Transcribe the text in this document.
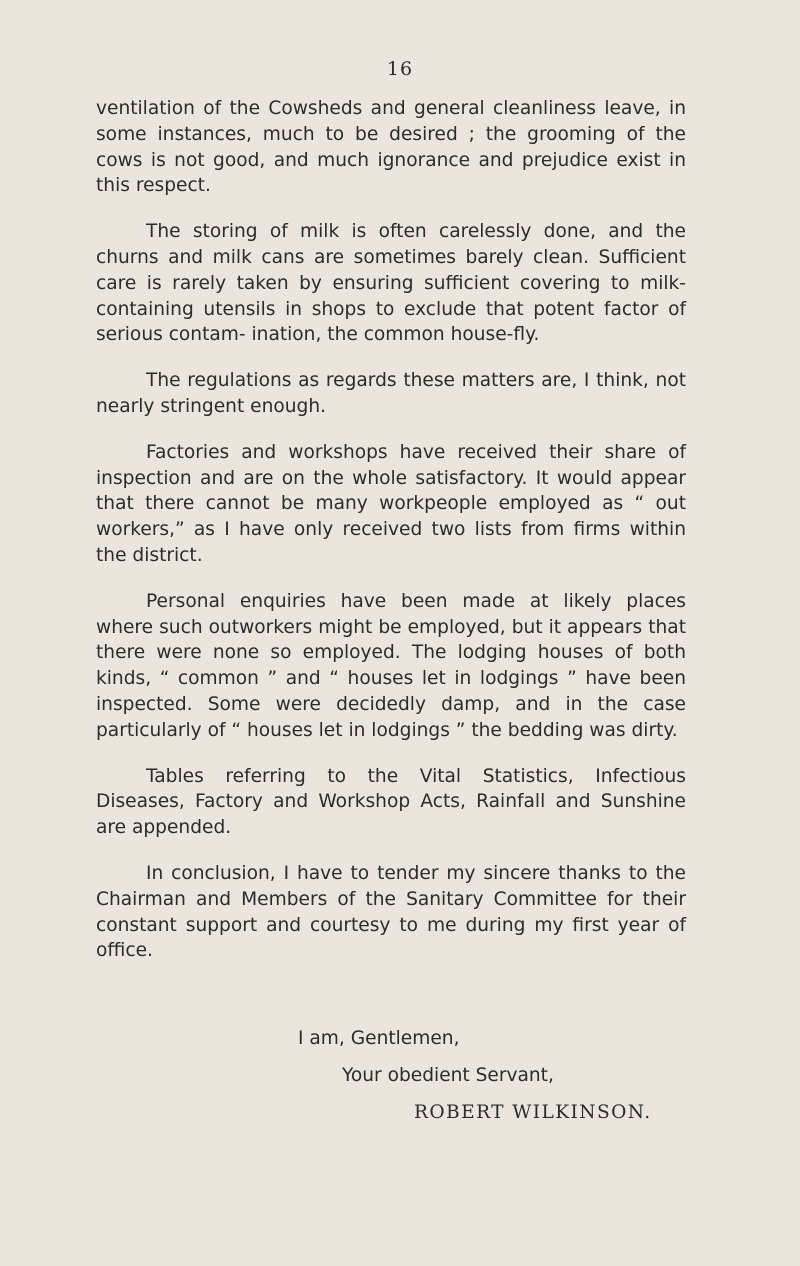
16

ventilation of the Cowsheds and general cleanliness leave, in some instances, much to be desired ; the grooming of the cows is not good, and much ignorance and prejudice exist in this respect.

The storing of milk is often carelessly done, and the churns and milk cans are sometimes barely clean. Sufficient care is rarely taken by ensuring sufficient covering to milk-containing utensils in shops to exclude that potent factor of serious contam- ination, the common house-fly.

The regulations as regards these matters are, I think, not nearly stringent enough.

Factories and workshops have received their share of inspection and are on the whole satisfactory. It would appear that there cannot be many workpeople employed as “ out workers,” as I have only received two lists from firms within the district.

Personal enquiries have been made at likely places where such outworkers might be employed, but it appears that there were none so employed. The lodging houses of both kinds, “ common ” and “ houses let in lodgings ” have been inspected. Some were decidedly damp, and in the case particularly of “ houses let in lodgings ” the bedding was dirty.

Tables referring to the Vital Statistics, Infectious Diseases, Factory and Workshop Acts, Rainfall and Sunshine are appended.

In conclusion, I have to tender my sincere thanks to the Chairman and Members of the Sanitary Committee for their constant support and courtesy to me during my first year of office.

I am, Gentlemen,
Your obedient Servant,
ROBERT WILKINSON.
